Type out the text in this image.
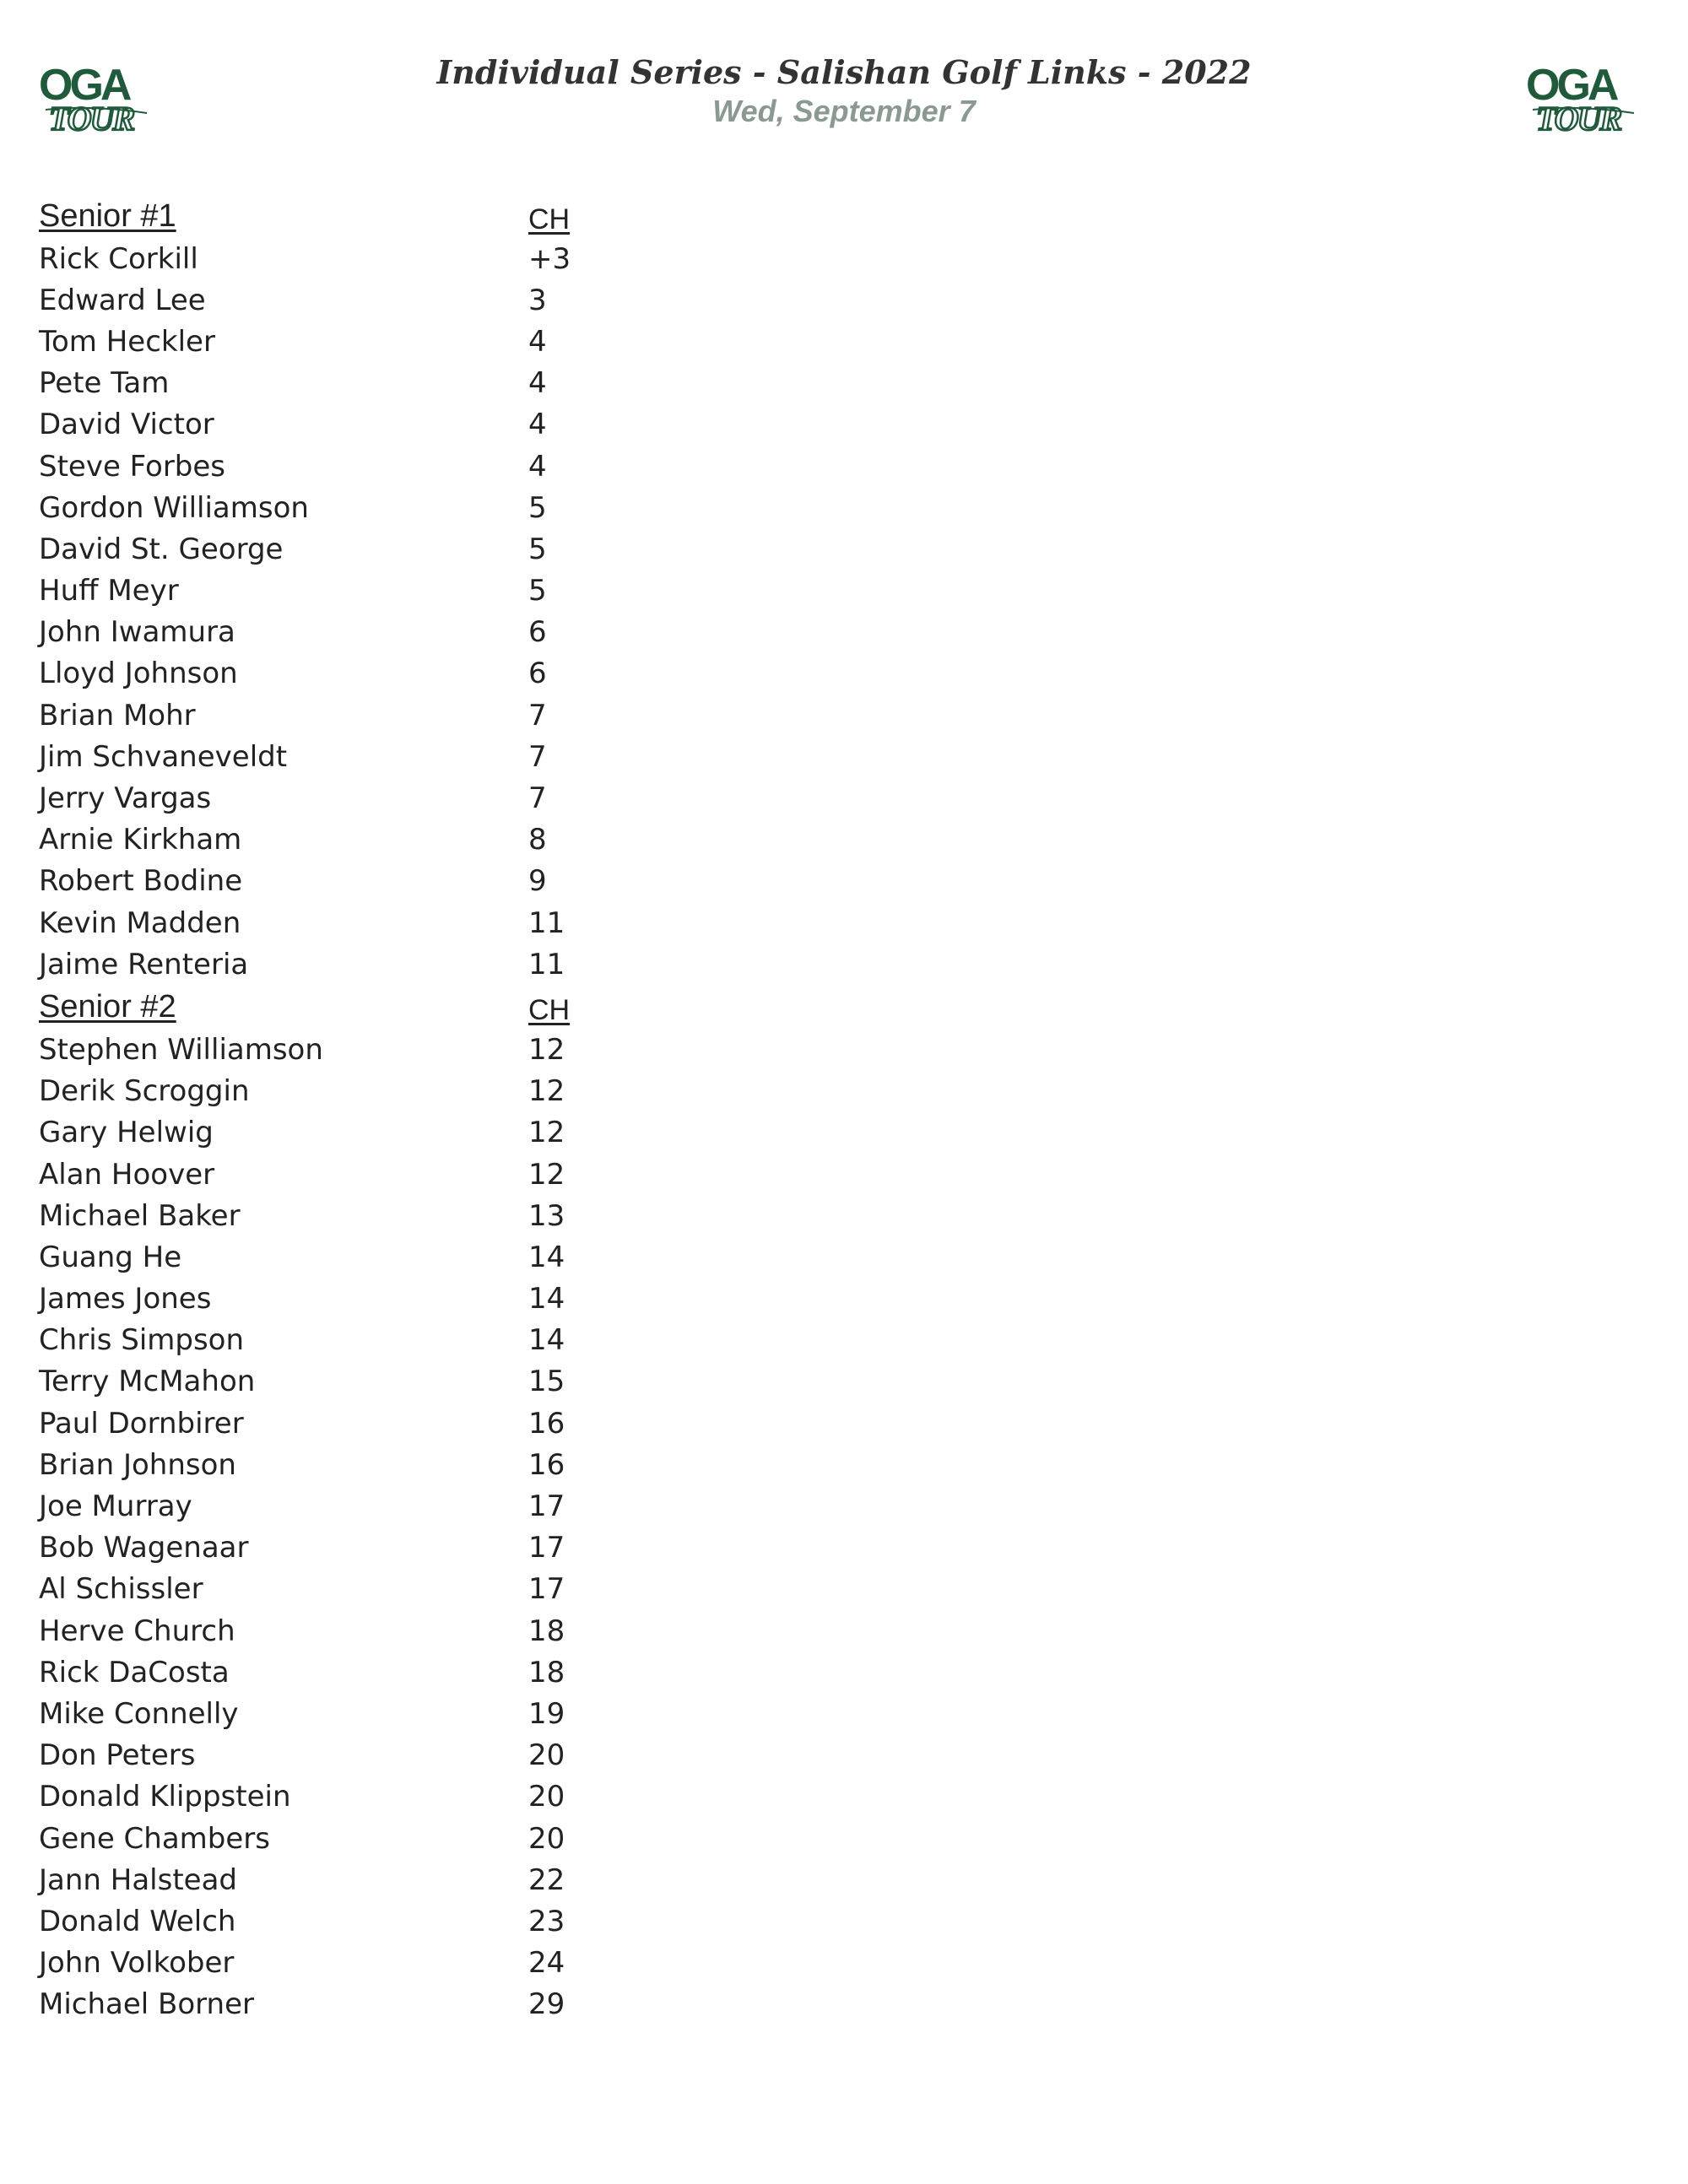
OGA
TOUR
OGA
TOUR

Individual Series - Salishan Golf Links - 2022

Wed, September 7

Senior #1	CH
Rick Corkill	+3
Edward Lee	3
Tom Heckler	4
Pete Tam	4
David Victor	4
Steve Forbes	4
Gordon Williamson	5
David St. George	5
Huff Meyr	5
John Iwamura	6
Lloyd Johnson	6
Brian Mohr	7
Jim Schvaneveldt	7
Jerry Vargas	7
Arnie Kirkham	8
Robert Bodine	9
Kevin Madden	11
Jaime Renteria	11
Senior #2	CH
Stephen Williamson	12
Derik Scroggin	12
Gary Helwig	12
Alan Hoover	12
Michael Baker	13
Guang He	14
James Jones	14
Chris Simpson	14
Terry McMahon	15
Paul Dornbirer	16
Brian Johnson	16
Joe Murray	17
Bob Wagenaar	17
Al Schissler	17
Herve Church	18
Rick DaCosta	18
Mike Connelly	19
Don Peters	20
Donald Klippstein	20
Gene Chambers	20
Jann Halstead	22
Donald Welch	23
John Volkober	24
Michael Borner	29
